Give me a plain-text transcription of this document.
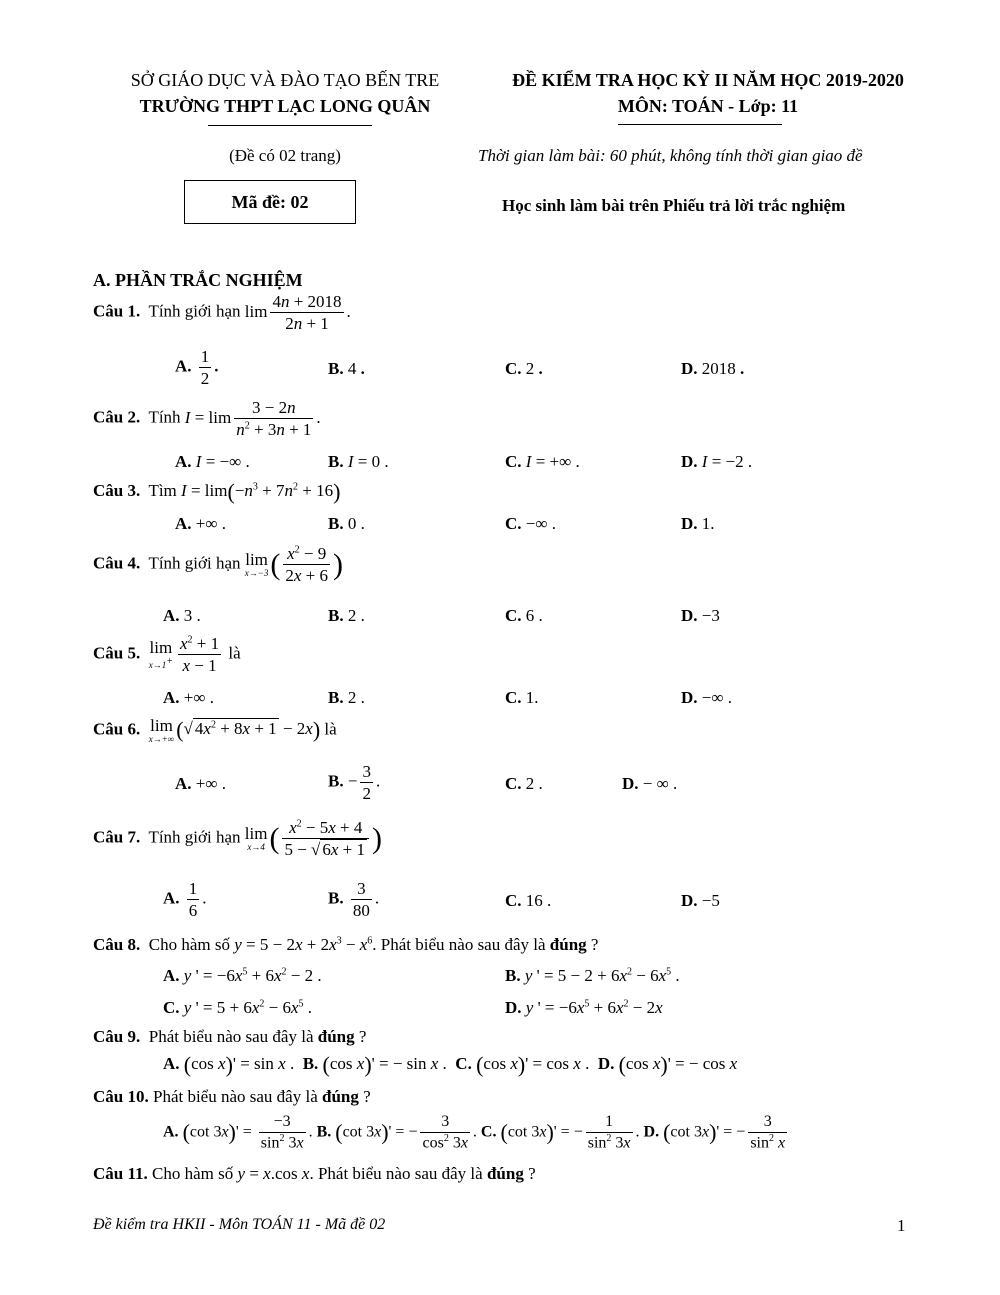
SỞ GIÁO DỤC VÀ ĐÀO TẠO BẾN TRE
TRƯỜNG THPT LẠC LONG QUÂN
ĐỀ KIỂM TRA HỌC KỲ II NĂM HỌC 2019-2020
MÔN: TOÁN - Lớp: 11
(Đề có 02 trang)	Thời gian làm bài: 60 phút, không tính thời gian giao đề
Mã đề: 02	Học sinh làm bài trên Phiếu trả lời trắc nghiệm
A. PHẦN TRẮC NGHIỆM
Câu 1. Tính giới hạn $\lim \frac{4n + 2018}{2n + 1}$ .
A. $\frac{1}{2}$ .	B. 4 .	C. 2 .	D. 2018 .
Câu 2. Tính $I = \lim \frac{3 - 2n}{n^2 + 3n + 1}$ .
A. I = −∞ .	B. I = 0 .	C. I = +∞ .	D. I = −2 .
Câu 3. Tìm $I = \lim(-n^3 + 7n^2 + 16)$
A. +∞ .	B. 0 .	C. −∞ .	D. 1.
Câu 4. Tính giới hạn lim
x→−3 ( $\frac{x^2 - 9}{2x + 6}$ )
A. 3 .	B. 2 .	C. 6 .	D. −3
Câu 5. lim
$x\to 1^+ \frac{x^2 + 1}{x - 1}$ là
A. +∞ .	B. 2 .	C. 1.	D. −∞ .
Câu 6. lim
x→+∞ (√ $4x^2 + 8x + 1 - 2x$) là
A. +∞ .	B. − $\frac{3}{2}$ .	C. 2 .	D. − ∞ .
Câu 7. Tính giới hạn lim
x→4 ( $\frac{x^2 - 5x + 4}{5 - √ 6x + 1}$ )
A. $\frac{1}{6}$ .	B. $\frac{3}{80}$ .	C. 16 .	D. −5
Câu 8. Cho hàm số $y = 5 - 2x + 2x^3 - x^6$. Phát biểu nào sau đây là đúng ?
A. y ' = $-6x^5 + 6x^2 - 2$ .	B. y ' = $5 - 2 + 6x^2 - 6x^5$ .
C. y ' = $5 + 6x^2 - 6x^5$ .	D. y ' = $-6x^5 + 6x^2 - 2x$
Câu 9. Phát biểu nào sau đây là đúng ?
A. (cos x)' = sin x .  B. (cos x)' = − sin x .  C. (cos x)' = cos x .  D. (cos x)' = − cos x
Câu 10. Phát biểu nào sau đây là đúng ?
A. (cot $3x)' = \frac{-3}{\sin^2 3x}$ . B. (cot 3x)' = − $\frac{3}{\cos^2 3x}$ . C. (cot 3x)' = − $\frac{1}{\sin^2 3x}$ . D. (cot 3x)' = − $\frac{3}{\sin^2 x}$
Câu 11. Cho hàm số y = x.cos x. Phát biểu nào sau đây là đúng ?
Đề kiểm tra HKII - Môn TOÁN 11 - Mã đề 02	1
